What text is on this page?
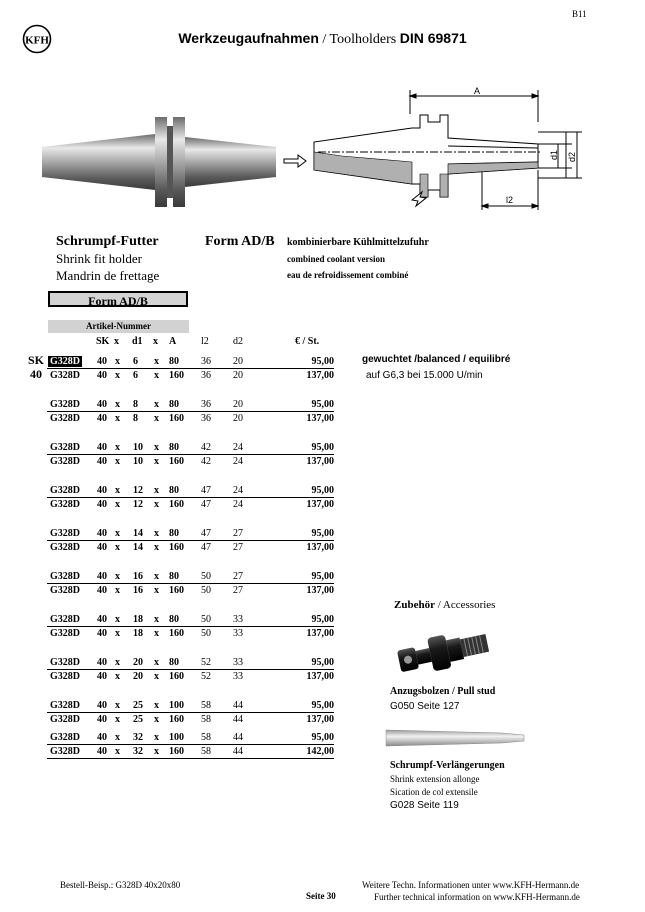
B11
KFH	Werkzeugaufnahmen / Toolholders DIN 69871
A
d1 d2
l2
Schrumpf-Futter
Shrink fit holder
Mandrin de frettage
Form AD/B kombinierbare Kühlmittelzufuhr
combined coolant version
eau de refroidissement combiné
Form AD/B
Artikel-Nummer
SK x d1 x A l2 d2	€ / St.
SK
40
G328D 40 x 6 x 80 36 20	95,00
G328D 40 x 6 x 160 36 20	137,00
G328D 40 x 8 x 80 36 20	95,00
G328D 40 x 8 x 160 36 20	137,00
G328D 40 x 10 x 80 42 24	95,00
G328D 40 x 10 x 160 42 24	137,00
G328D 40 x 12 x 80 47 24	95,00
G328D 40 x 12 x 160 47 24	137,00
G328D 40 x 14 x 80 47 27	95,00
G328D 40 x 14 x 160 47 27	137,00
G328D 40 x 16 x 80 50 27	95,00
G328D 40 x 16 x 160 50 27	137,00
G328D 40 x 18 x 80 50 33	95,00
G328D 40 x 18 x 160 50 33	137,00
G328D 40 x 20 x 80 52 33	95,00
G328D 40 x 20 x 160 52 33	137,00
G328D 40 x 25 x 100 58 44	95,00
G328D 40 x 25 x 160 58 44	137,00
G328D 40 x 32 x 100 58 44	95,00
G328D 40 x 32 x 160 58 44	142,00
gewuchtet /balanced / equilibré
auf G6,3 bei 15.000 U/min
Zubehör / Accessories
Anzugsbolzen / Pull stud
G050 Seite 127
Schrumpf-Verlängerungen
Shrink extension allonge
Sication de col extensile
G028 Seite 119
Bestell-Beisp.: G328D 40x20x80
Seite 30
Weitere Techn. Informationen unter www.KFH-Hermann.de
Further technical information on www.KFH-Hermann.de
